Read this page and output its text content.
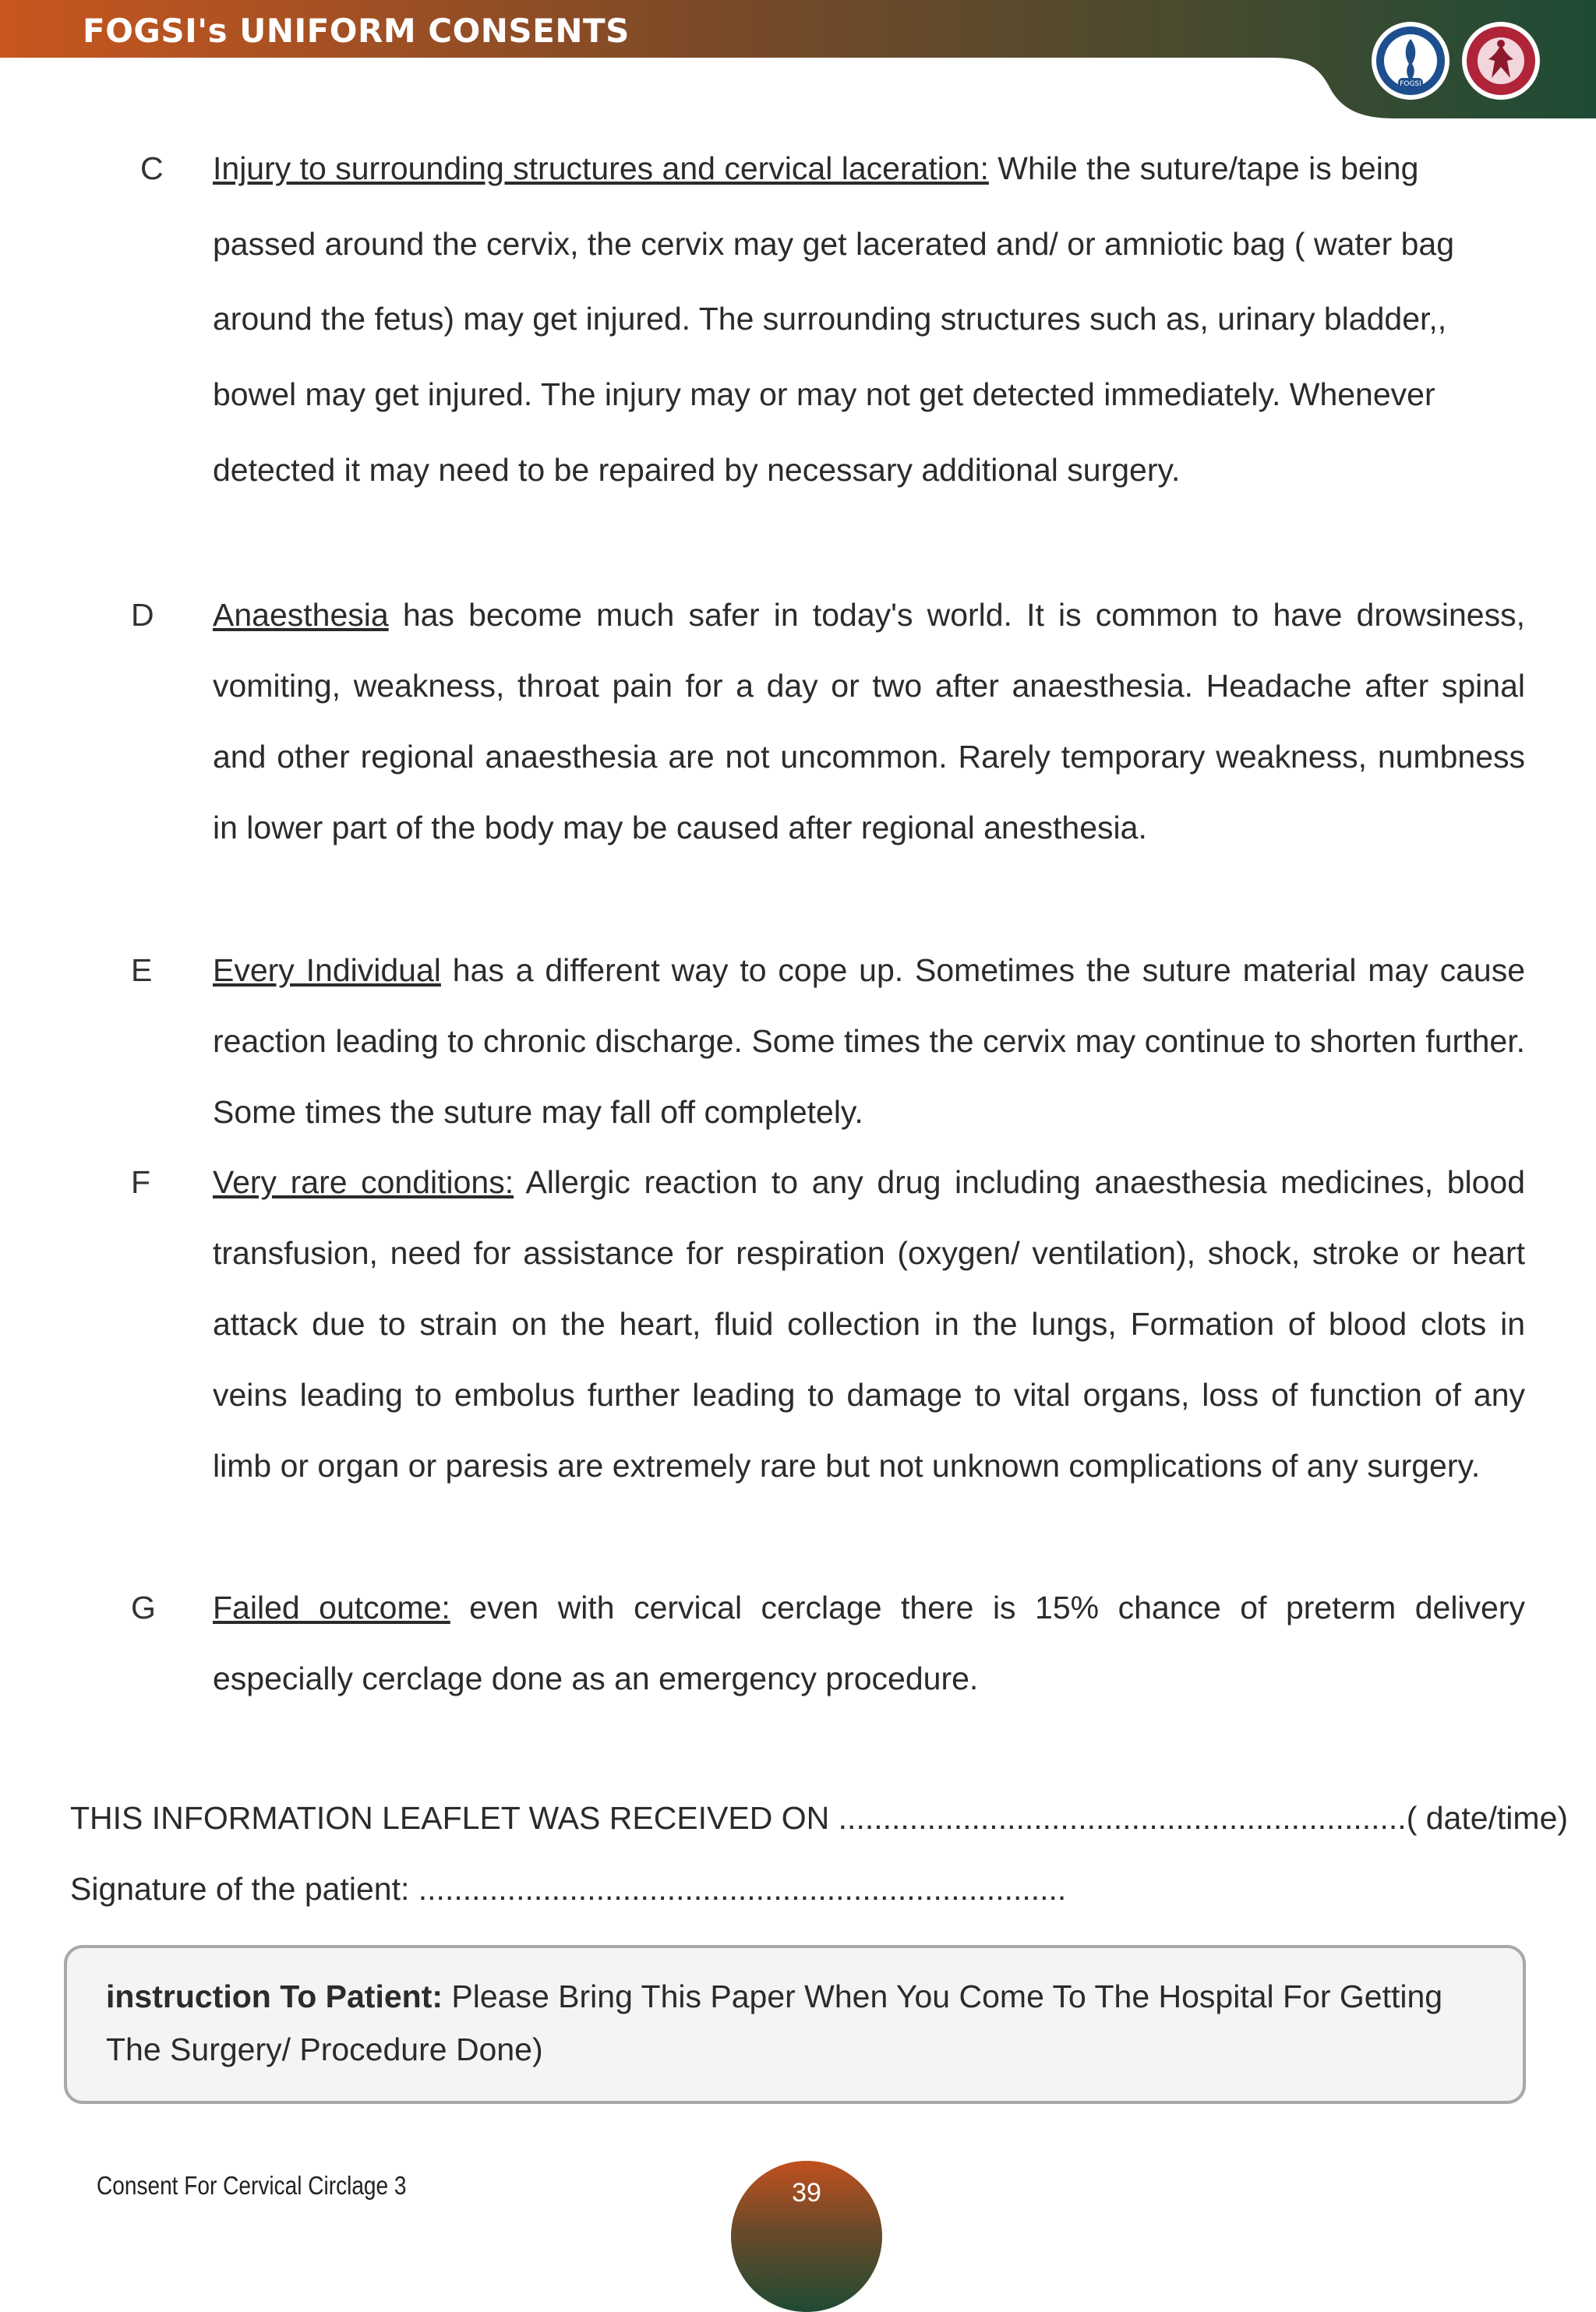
FOGSI's UNIFORM CONSENTS
FOGSI
C Injury to surrounding structures and cervical laceration: While the suture/tape is being passed around the cervix, the cervix may get lacerated and/ or amniotic bag ( water bag around the fetus) may get injured. The surrounding structures such as, urinary bladder,, bowel may get injured. The injury may or may not get detected immediately. Whenever detected it may need to be repaired by necessary additional surgery.

D Anaesthesia has become much safer in today's world. It is common to have drowsiness, vomiting, weakness, throat pain for a day or two after anaesthesia. Headache after spinal and other regional anaesthesia are not uncommon. Rarely temporary weakness, numbness in lower part of the body may be caused after regional anesthesia.

E Every Individual has a different way to cope up. Sometimes the suture material may cause reaction leading to chronic discharge. Some times the cervix may continue to shorten further. Some times the suture may fall off completely.

F Very rare conditions: Allergic reaction to any drug including anaesthesia medicines, blood transfusion, need for assistance for respiration (oxygen/ ventilation), shock, stroke or heart attack due to strain on the heart, fluid collection in the lungs, Formation of blood clots in veins leading to embolus further leading to damage to vital organs, loss of function of any limb or organ or paresis are extremely rare but not unknown complications of any surgery.

G Failed outcome: even with cervical cerclage there is 15% chance of preterm delivery especially cerclage done as an emergency procedure.

THIS INFORMATION LEAFLET WAS RECEIVED ON ................................................................( date/time)
Signature of the patient: .........................................................................

instruction To Patient: Please Bring This Paper When You Come To The Hospital For Getting The Surgery/ Procedure Done)

Consent For Cervical Circlage 3	39
